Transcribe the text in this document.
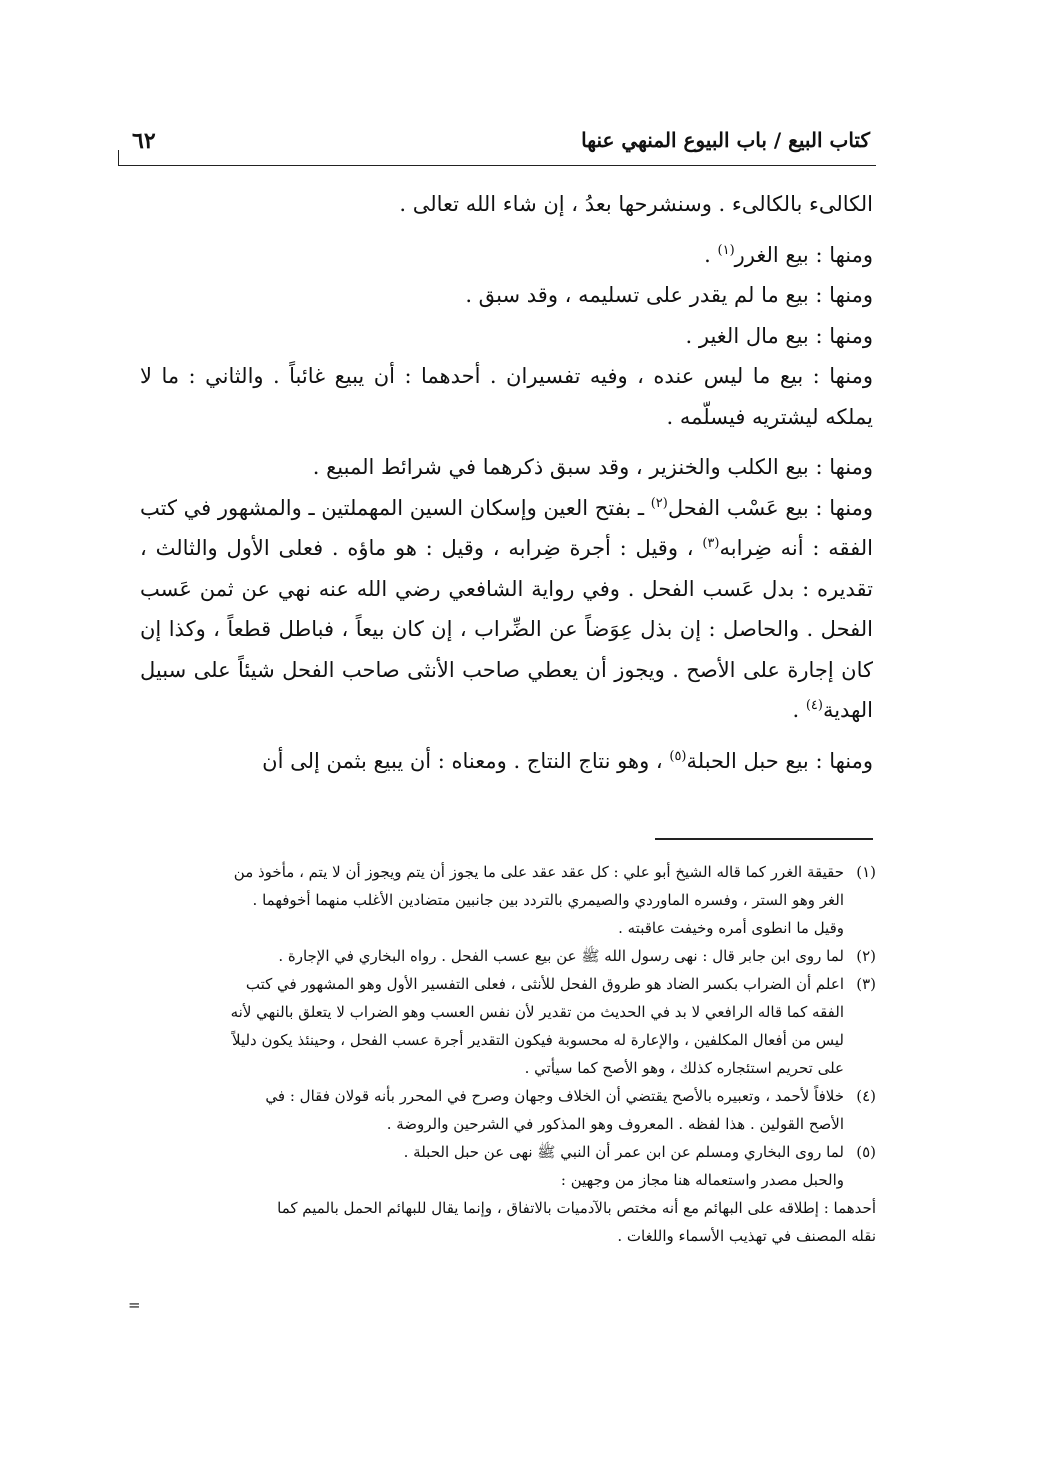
كتاب البيع / باب البيوع المنهي عنها
٦٢

الكالىء بالكالىء . وسنشرحها بعدُ ، إن شاء الله تعالى .

ومنها : بيع الغرر$^{(١)}$ .

ومنها : بيع ما لم يقدر على تسليمه ، وقد سبق .

ومنها : بيع مال الغير .

ومنها : بيع ما ليس عنده ، وفيه تفسيران . أحدهما : أن يبيع غائباً . والثاني : ما لا يملكه ليشتريه فيسلّمه .

ومنها : بيع الكلب والخنزير ، وقد سبق ذكرهما في شرائط المبيع .

ومنها : بيع عَسْب الفحل$^{(٢)}$ ـ بفتح العين وإسكان السين المهملتين ـ والمشهور في كتب الفقه : أنه ضِرابه$^{(٣)}$ ، وقيل : أجرة ضِرابه ، وقيل : هو ماؤه . فعلى الأول والثالث ، تقديره : بدل عَسب الفحل . وفي رواية الشافعي رضي الله عنه نهي عن ثمن عَسب الفحل . والحاصل : إن بذل عِوَضاً عن الضِّراب ، إن كان بيعاً ، فباطل قطعاً ، وكذا إن كان إجارة على الأصح . ويجوز أن يعطي صاحب الأنثى صاحب الفحل شيئاً على سبيل الهدية$^{(٤)}$ .

ومنها : بيع حبل الحبلة$^{(٥)}$ ، وهو نتاج النتاج . ومعناه : أن يبيع بثمن إلى أن

(١)
حقيقة الغرر كما قاله الشيخ أبو علي : كل عقد عقد على ما يجوز أن يتم ويجوز أن لا يتم ، مأخوذ من
الغر وهو الستر ، وفسره الماوردي والصيمري بالتردد بين جانبين متضادين الأغلب منهما أخوفهما .
وقيل ما انطوى أمره وخيفت عاقبته .
(٢)
لما روى ابن جابر قال : نهى رسول الله ﷺ عن بيع عسب الفحل . رواه البخاري في الإجارة .
(٣)
اعلم أن الضراب بكسر الضاد هو طروق الفحل للأنثى ، فعلى التفسير الأول وهو المشهور في كتب
الفقه كما قاله الرافعي لا بد في الحديث من تقدير لأن نفس العسب وهو الضراب لا يتعلق بالنهي لأنه
ليس من أفعال المكلفين ، والإعارة له محسوبة فيكون التقدير أجرة عسب الفحل ، وحينئذ يكون دليلاً
على تحريم استئجاره كذلك ، وهو الأصح كما سيأتي .
(٤)
خلافاً لأحمد ، وتعبيره بالأصح يقتضي أن الخلاف وجهان وصرح في المحرر بأنه قولان فقال : في
الأصح القولين . هذا لفظه . المعروف وهو المذكور في الشرحين والروضة .
(٥)
لما روى البخاري ومسلم عن ابن عمر أن النبي ﷺ نهى عن حبل الحبلة .
والحبل مصدر واستعماله هنا مجاز من وجهين :
أحدهما : إطلاقه على البهائم مع أنه مختص بالآدميات بالاتفاق ، وإنما يقال للبهائم الحمل بالميم كما
نقله المصنف في تهذيب الأسماء واللغات .
=
